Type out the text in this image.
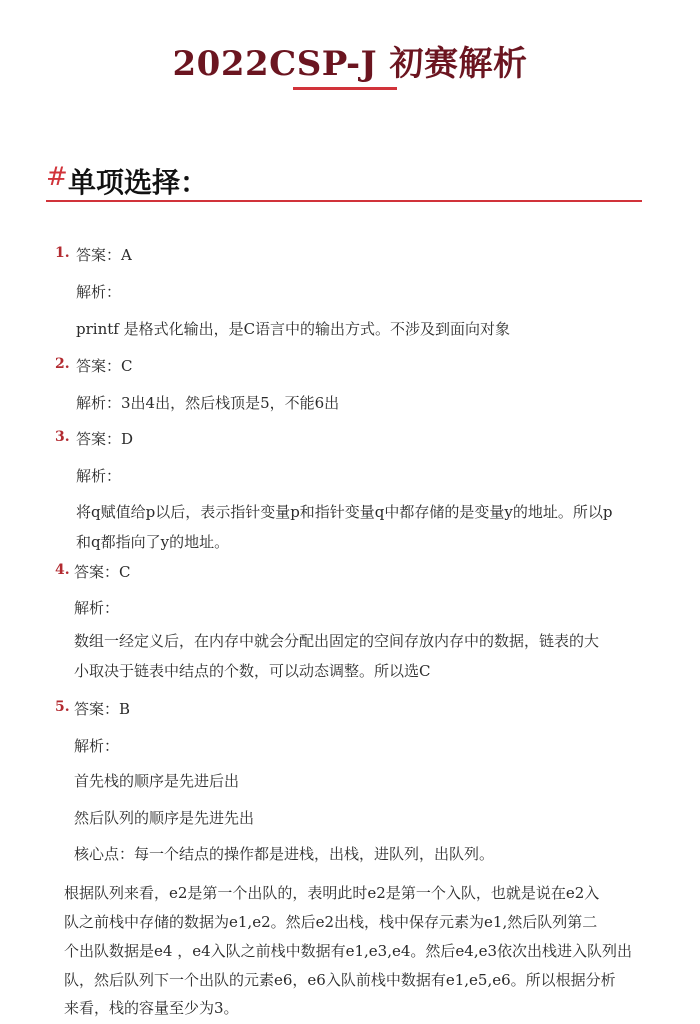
2022CSP-J 初赛解析
# 单项选择：
1. 答案：A
解析：
printf 是格式化输出，是C语言中的输出方式。不涉及到面向对象
2. 答案：C
解析：3出4出，然后栈顶是5，不能6出
3. 答案：D
解析：
将q赋值给p以后，表示指针变量p和指针变量q中都存储的是变量y的地址。所以p
和q都指向了y的地址。
4. 答案：C
解析：
数组一经定义后，在内存中就会分配出固定的空间存放内存中的数据，链表的大
小取决于链表中结点的个数，可以动态调整。所以选C
5. 答案：B
解析：
首先栈的顺序是先进后出
然后队列的顺序是先进先出
核心点：每一个结点的操作都是进栈，出栈，进队列，出队列。
根据队列来看，e2是第一个出队的，表明此时e2是第一个入队，也就是说在e2入
队之前栈中存储的数据为e1,e2。然后e2出栈，栈中保存元素为e1,然后队列第二
个出队数据是e4 ，e4入队之前栈中数据有e1,e3,e4。然后e4,e3依次出栈进入队列出
队，然后队列下一个出队的元素e6，e6入队前栈中数据有e1,e5,e6。所以根据分析
来看，栈的容量至少为3。
